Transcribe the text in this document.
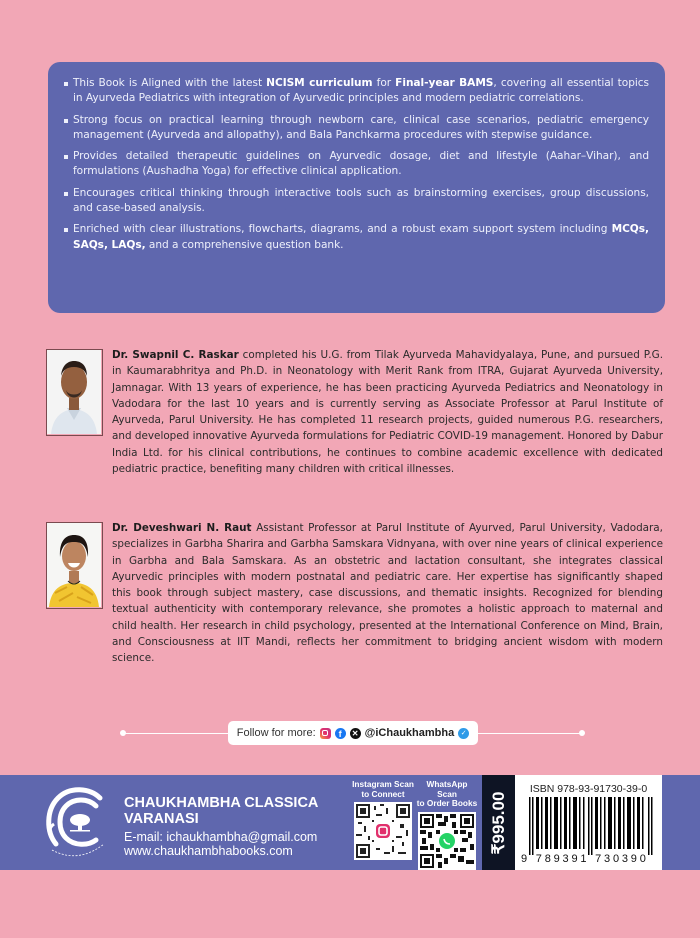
This Book is Aligned with the latest NCISM curriculum for Final-year BAMS, covering all essential topics in Ayurveda Pediatrics with integration of Ayurvedic principles and modern pediatric correlations.
Strong focus on practical learning through newborn care, clinical case scenarios, pediatric emergency management (Ayurveda and allopathy), and Bala Panchkarma procedures with stepwise guidance.
Provides detailed therapeutic guidelines on Ayurvedic dosage, diet and lifestyle (Aahar–Vihar), and formulations (Aushadha Yoga) for effective clinical application.
Encourages critical thinking through interactive tools such as brainstorming exercises, group discussions, and case-based analysis.
Enriched with clear illustrations, flowcharts, diagrams, and a robust exam support system including MCQs, SAQs, LAQs, and a comprehensive question bank.
Dr. Swapnil C. Raskar completed his U.G. from Tilak Ayurveda Mahavidyalaya, Pune, and pursued P.G. in Kaumarabhritya and Ph.D. in Neonatology with Merit Rank from ITRA, Gujarat Ayurveda University, Jamnagar. With 13 years of experience, he has been practicing Ayurveda Pediatrics and Neonatology in Vadodara for the last 10 years and is currently serving as Associate Professor at Parul Institute of Ayurveda, Parul University. He has completed 11 research projects, guided numerous P.G. researchers, and developed innovative Ayurveda formulations for Pediatric COVID-19 management. Honored by Dabur India Ltd. for his clinical contributions, he continues to combine academic excellence with dedicated pediatric practice, benefiting many children with critical illnesses.
Dr. Deveshwari N. Raut Assistant Professor at Parul Institute of Ayurved, Parul University, Vadodara, specializes in Garbha Sharira and Garbha Samskara Vidnyana, with over nine years of clinical experience in Garbha and Bala Samskara. As an obstetric and lactation consultant, she integrates classical Ayurvedic principles with modern postnatal and pediatric care. Her expertise has significantly shaped this book through subject mastery, case discussions, and thematic insights. Recognized for blending textual authenticity with contemporary relevance, she promotes a holistic approach to maternal and child health. Her research in child psychology, presented at the International Conference on Mind, Brain, and Consciousness at IIT Mandi, reflects her commitment to bridging ancient wisdom with modern science.
Follow for more:	f	✕ @iChaukhambha ✓
CHAUKHAMBHA CLASSICA
VARANASI
E-mail: ichaukhambha@gmail.com
www.chaukhambhabooks.com
Instagram Scan
to Connect
WhatsApp Scan
to Order Books ₹995.00
ISBN 978-93-91730-39-0
9 789391 730390
